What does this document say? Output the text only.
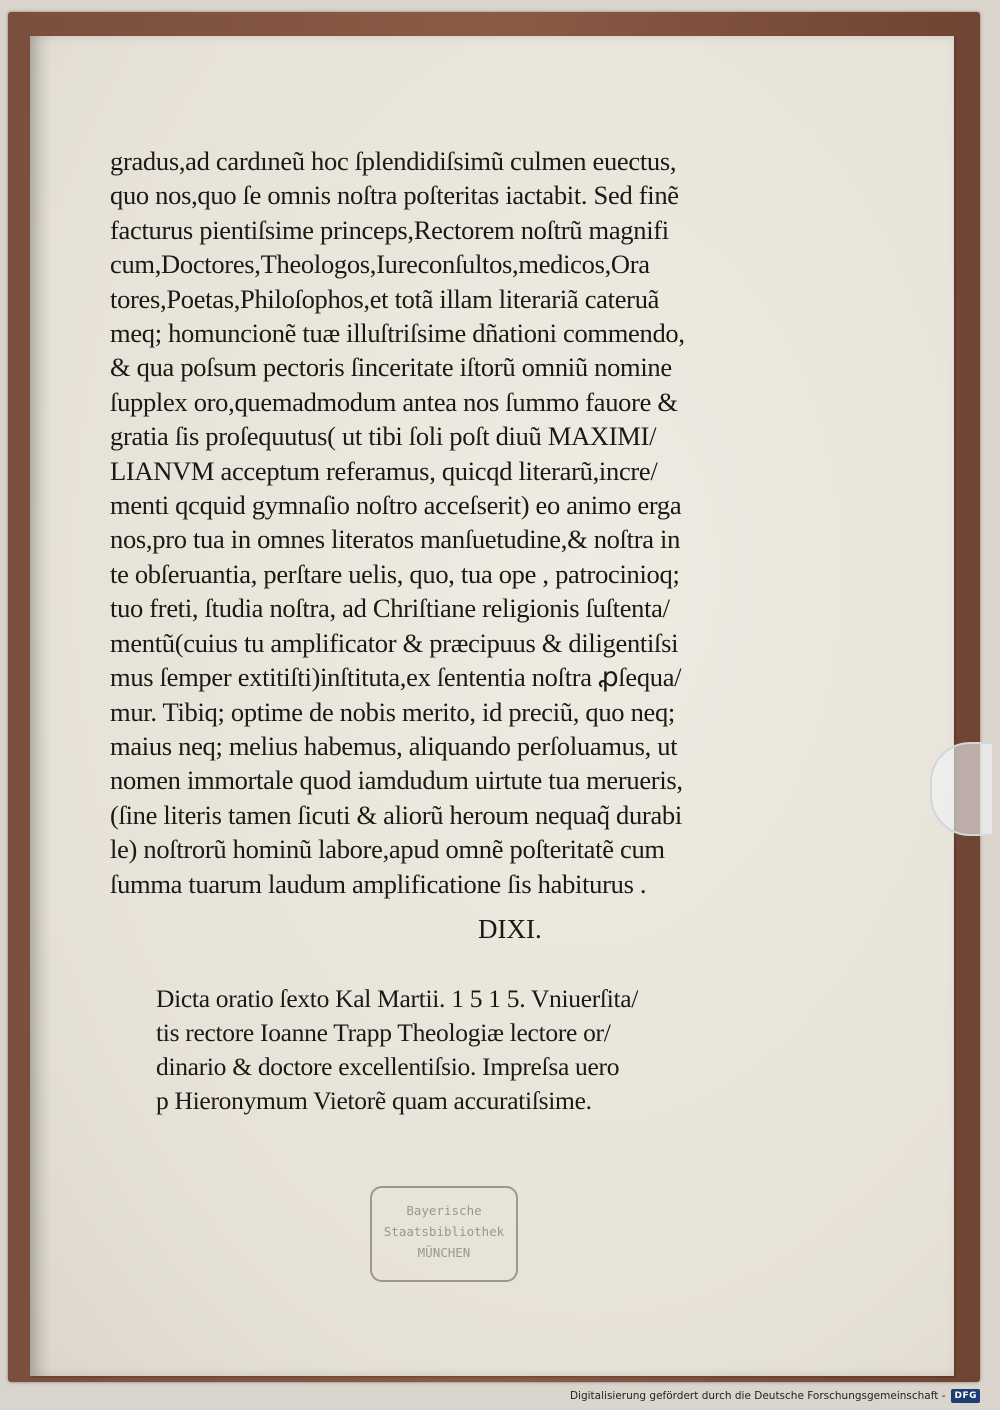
gradus,ad cardıneũ hoc ſplendidiſsimũ culmen euectus,
quo nos,quo ſe omnis noſtra poſteritas iactabit. Sed finẽ
facturus pientiſsime princeps,Rectorem noſtrũ magnifi
cum,Doctores,Theologos,Iureconſultos,medicos,Ora
tores,Poetas,Philoſophos,et totã illam literariã cateruã
meq; homuncionẽ tuæ illuſtriſsime dñationi commendo,
& qua poſsum pectoris ſinceritate iſtorũ omniũ nomine
ſupplex oro,quemadmodum antea nos ſummo fauore &
gratia ſis proſequutus( ut tibi ſoli poſt diuũ MAXIMI/
LIANVM acceptum referamus, quicqd literarũ,incre/
menti qcquid gymnaſio noſtro acceſserit) eo animo erga
nos,pro tua in omnes literatos manſuetudine,& noſtra in
te obſeruantia, perſtare uelis, quo, tua ope , patrocinioq;
tuo freti, ſtudia noſtra, ad Chriſtiane religionis ſuſtenta/
mentũ(cuius tu amplificator & præcipuus & diligentiſsi
mus ſemper extitiſti)inſtituta,ex ſententia noſtra ꝓſequa/
mur. Tibiq; optime de nobis merito, id preciũ, quo neq;
maius neq; melius habemus, aliquando perſoluamus, ut
nomen immortale quod iamdudum uirtute tua merueris,
(ſine literis tamen ſicuti & aliorũ heroum nequaq̃ durabi
le) noſtrorũ hominũ labore,apud omnẽ poſteritatẽ cum
ſumma tuarum laudum amplificatione ſis habiturus .
DIXI.
Dicta oratio ſexto Kal Martii. 1 5 1 5. Vniuerſita/
tis rectore Ioanne Trapp Theologiæ lectore or/
dinario & doctore excellentiſsio. Impreſsa uero
p Hieronymum Vietorẽ quam accuratiſsime.
Bayerische
Staatsbibliothek
MÜNCHEN
Digitalisierung gefördert durch die Deutsche Forschungsgemeinschaft -	DFG
